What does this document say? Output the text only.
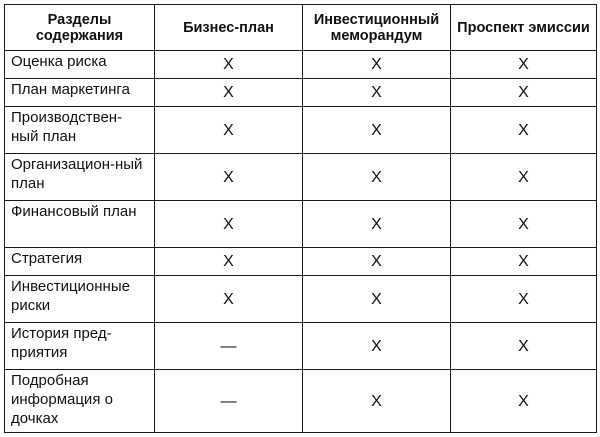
Разделы содержания	Бизнес-план	Инвестиционный меморандум	Проспект эмиссии
Оценка риска	X	X	X
План маркетинга	X	X	X
Производствен-ный план	X	X	X
Организацион-ный план	X	X	X
Финансовый план	X	X	X
Стратегия	X	X	X
Инвестиционные риски	X	X	X
История пред-приятия	—	X	X
Подробная информация о дочках	—	X	X
